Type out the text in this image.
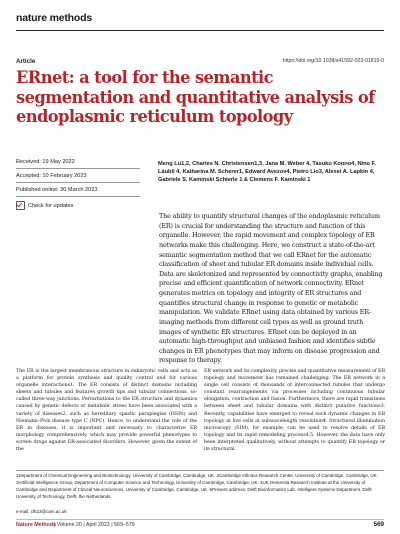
nature methods
Article	https://doi.org/10.1038/s41592-023-01815-0
ERnet: a tool for the semantic segmentation and quantitative analysis of endoplasmic reticulum topology
Received: 19 May 2022
Accepted: 10 February 2023
Published online: 30 March 2023
Check for updates
Meng Lu1,2, Charles N. Christensen1,3, Jana M. Weber 4, Tasuku Konno4, Nino F. Läubli 4, Katharina M. Scherer1, Edward Avezov4, Pietro Lio3, Alexei A. Lapkin 4, Gabriele S. Kaminski Schierle 1 & Clemens F. Kaminski 1
The ability to quantify structural changes of the endoplasmic reticulum (ER) is crucial for understanding the structure and function of this organelle. However, the rapid movement and complex topology of ER networks make this challenging. Here, we construct a state-of-the-art semantic segmentation method that we call ERnet for the automatic classification of sheet and tubular ER domains inside individual cells. Data are skeletonized and represented by connectivity graphs, enabling precise and efficient quantification of network connectivity. ERnet generates metrics on topology and integrity of ER structures and quantifies structural change in response to genetic or metabolic manipulation. We validate ERnet using data obtained by various ER-imaging methods from different cell types as well as ground truth images of synthetic ER structures. ERnet can be deployed in an automatic high-throughput and unbiased fashion and identifies subtle changes in ER phenotypes that may inform on disease progression and response to therapy.
The ER is the largest membranous structure in eukaryotic cells and acts as a platform for protein synthesis and quality control and for various organelle interactions1. The ER consists of distinct domains including sheets and tubules and features growth tips and tubular connections, so-called three-way junctions. Perturbations to the ER structure and dynamics caused by genetic defects or metabolic stress have been associated with a variety of diseases2, such as hereditary spastic paraplegias (HSPs) and Niemann–Pick disease type C (NPC). Hence, to understand the role of the ER in diseases, it is important and necessary to characterize ER morphology comprehensively, which may provide powerful phenotypes to screen drugs against ER-associated disorders. However, given the extent of the
ER network and its complexity, precise and quantitative measurement of ER topology and movement has remained challenging. The ER network in a single cell consists of thousands of interconnected tubules that undergo constant rearrangements via processes including continuous tubular elongation, contraction and fusion. Furthermore, there are rapid transitions between sheet and tubular domains with distinct putative functions3. Recently, capabilities have emerged to reveal such dynamic changes in ER topology in live cells at subwavelength resolution4. Structured illumination microscopy (SIM), for example, can be used to resolve details of ER topology and its rapid remodeling process4,5. However, the data have only been interpreted qualitatively, without attempts to quantify ER topology or its structural
1Department of Chemical Engineering and Biotechnology, University of Cambridge, Cambridge, UK. 2Cambridge Infinitus Research Center, University of Cambridge, Cambridge, UK. 3Artificial Intelligence Group, Department of Computer Science and Technology, University of Cambridge, Cambridge, UK. 4UK Dementia Research Institute at the University of Cambridge and Department of Clinical Neurosciences, University of Cambridge, Cambridge, UK. 5Present address: Delft Bioinformatics Lab, Intelligent Systems Department, Delft University of Technology, Delft, the Netherlands.
e-mail: cfk23@cam.ac.uk
Nature Methods
| Volume 20 | April 2023 | 569–579	569
